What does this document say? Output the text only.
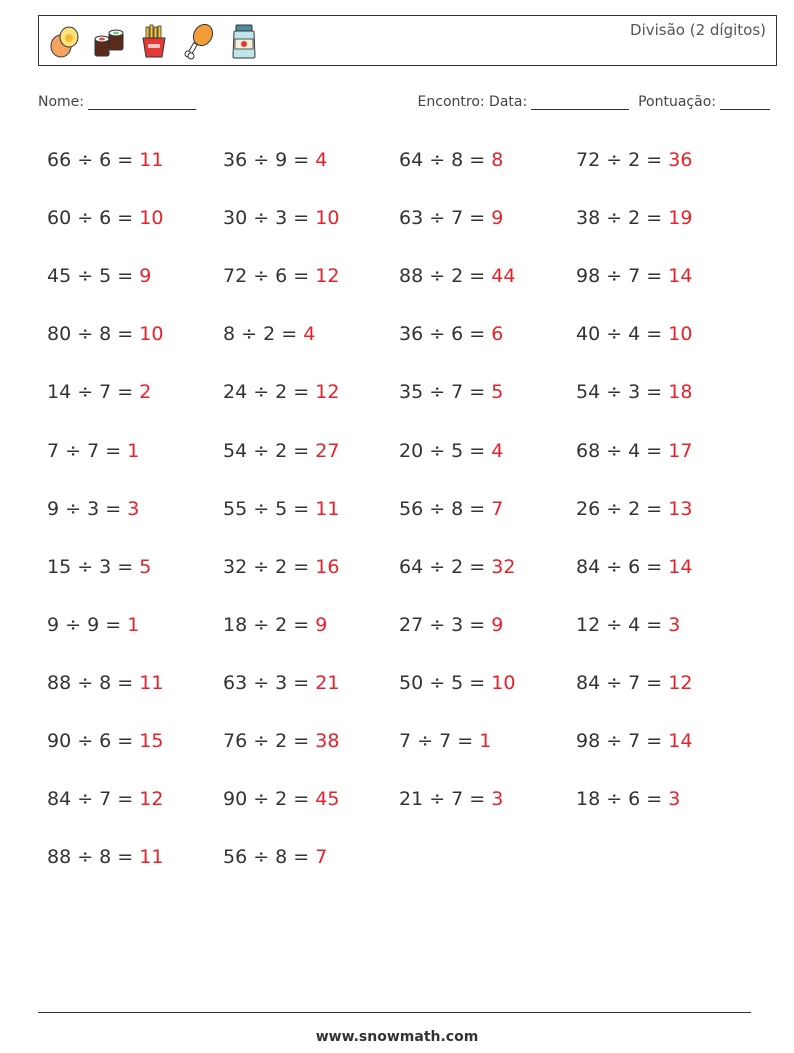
Divisão (2 dígitos)
Nome:	Encontro: Data:	Pontuação:
66 ÷ 6 = 11
60 ÷ 6 = 10
45 ÷ 5 = 9
80 ÷ 8 = 10
14 ÷ 7 = 2
7 ÷ 7 = 1
9 ÷ 3 = 3
15 ÷ 3 = 5
9 ÷ 9 = 1
88 ÷ 8 = 11
90 ÷ 6 = 15
84 ÷ 7 = 12
88 ÷ 8 = 11
36 ÷ 9 = 4
30 ÷ 3 = 10
72 ÷ 6 = 12
8 ÷ 2 = 4
24 ÷ 2 = 12
54 ÷ 2 = 27
55 ÷ 5 = 11
32 ÷ 2 = 16
18 ÷ 2 = 9
63 ÷ 3 = 21
76 ÷ 2 = 38
90 ÷ 2 = 45
56 ÷ 8 = 7
64 ÷ 8 = 8
63 ÷ 7 = 9
88 ÷ 2 = 44
36 ÷ 6 = 6
35 ÷ 7 = 5
20 ÷ 5 = 4
56 ÷ 8 = 7
64 ÷ 2 = 32
27 ÷ 3 = 9
50 ÷ 5 = 10
7 ÷ 7 = 1
21 ÷ 7 = 3
72 ÷ 2 = 36
38 ÷ 2 = 19
98 ÷ 7 = 14
40 ÷ 4 = 10
54 ÷ 3 = 18
68 ÷ 4 = 17
26 ÷ 2 = 13
84 ÷ 6 = 14
12 ÷ 4 = 3
84 ÷ 7 = 12
98 ÷ 7 = 14
18 ÷ 6 = 3
www.snowmath.com
